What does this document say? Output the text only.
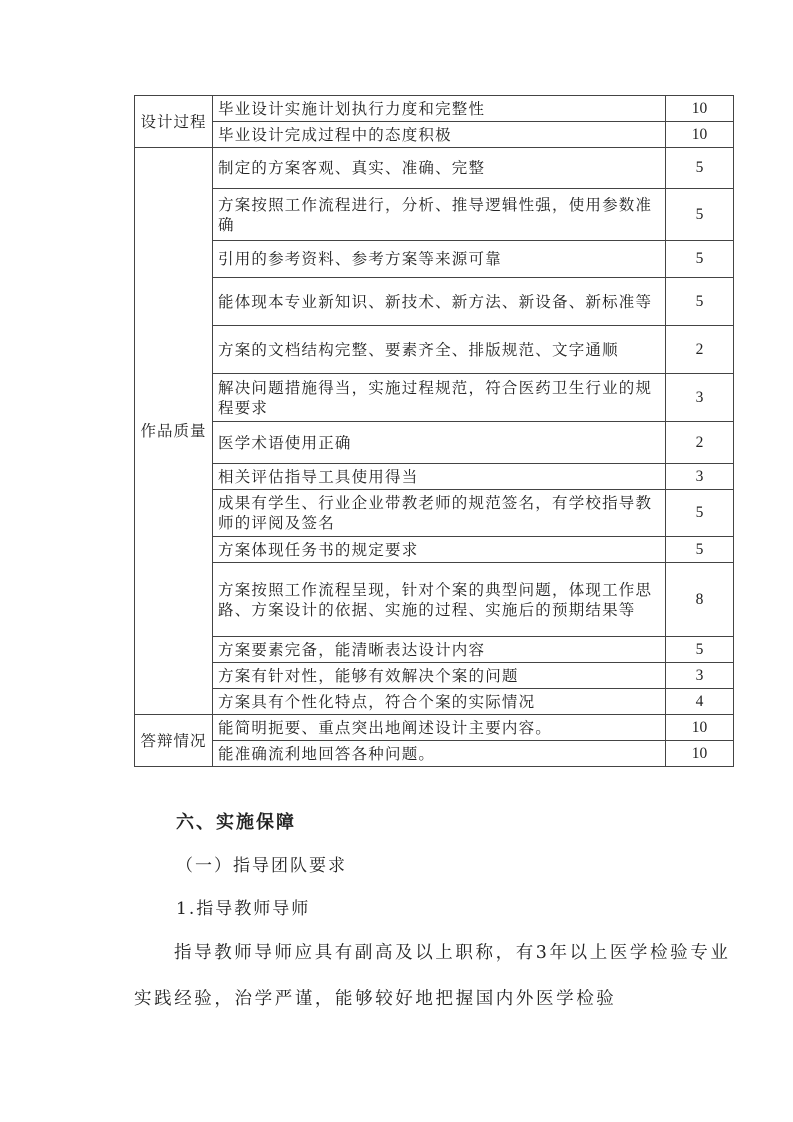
设计过程	毕业设计实施计划执行力度和完整性	10
	毕业设计完成过程中的态度积极	10
作品质量	制定的方案客观、真实、准确、完整	5
	方案按照工作流程进行，分析、推导逻辑性强，使用参数准确	5
	引用的参考资料、参考方案等来源可靠	5
	能体现本专业新知识、新技术、新方法、新设备、新标准等	5
	方案的文档结构完整、要素齐全、排版规范、文字通顺	2
	解决问题措施得当，实施过程规范，符合医药卫生行业的规程要求	3
	医学术语使用正确	2
	相关评估指导工具使用得当	3
	成果有学生、行业企业带教老师的规范签名，有学校指导教师的评阅及签名	5
	方案体现任务书的规定要求	5
	方案按照工作流程呈现，针对个案的典型问题，体现工作思路、方案设计的依据、实施的过程、实施后的预期结果等	8
	方案要素完备，能清晰表达设计内容	5
	方案有针对性，能够有效解决个案的问题	3
	方案具有个性化特点，符合个案的实际情况	4
答辩情况	能简明扼要、重点突出地阐述设计主要内容。	10
	能准确流利地回答各种问题。	10
六、实施保障
（一）指导团队要求
1.指导教师导师

指导教师导师应具有副高及以上职称，有3年以上医学检验专业实践经验，治学严谨，能够较好地把握国内外医学检验
